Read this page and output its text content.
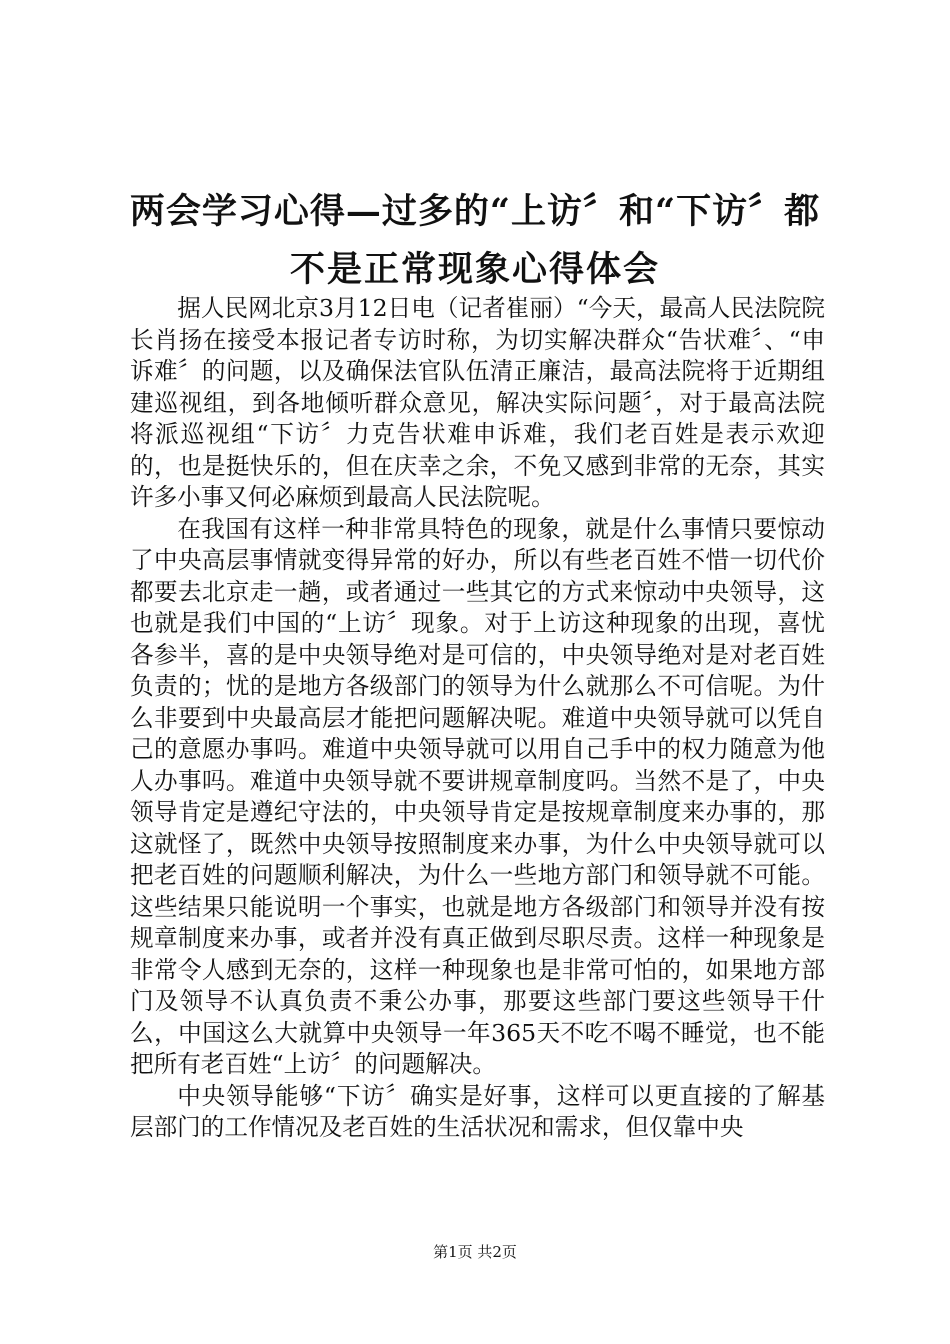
两会学习心得—过多的“上访〞和“下访〞都
不是正常现象心得体会

据人民网北京3月12日电（记者崔丽）“今天，最高人民法院院长肖扬在接受本报记者专访时称，为切实解决群众“告状难〞、“申诉难〞的问题，以及确保法官队伍清正廉洁，最高法院将于近期组建巡视组，到各地倾听群众意见，解决实际问题〞，对于最高法院将派巡视组“下访〞力克告状难申诉难，我们老百姓是表示欢迎的，也是挺快乐的，但在庆幸之余，不免又感到非常的无奈，其实许多小事又何必麻烦到最高人民法院呢。

在我国有这样一种非常具特色的现象，就是什么事情只要惊动了中央高层事情就变得异常的好办，所以有些老百姓不惜一切代价都要去北京走一趟，或者通过一些其它的方式来惊动中央领导，这也就是我们中国的“上访〞现象。对于上访这种现象的出现，喜忧各参半，喜的是中央领导绝对是可信的，中央领导绝对是对老百姓负责的；忧的是地方各级部门的领导为什么就那么不可信呢。为什么非要到中央最高层才能把问题解决呢。难道中央领导就可以凭自己的意愿办事吗。难道中央领导就可以用自己手中的权力随意为他人办事吗。难道中央领导就不要讲规章制度吗。当然不是了，中央领导肯定是遵纪守法的，中央领导肯定是按规章制度来办事的，那这就怪了，既然中央领导按照制度来办事，为什么中央领导就可以把老百姓的问题顺利解决，为什么一些地方部门和领导就不可能。这些结果只能说明一个事实，也就是地方各级部门和领导并没有按规章制度来办事，或者并没有真正做到尽职尽责。这样一种现象是非常令人感到无奈的，这样一种现象也是非常可怕的，如果地方部门及领导不认真负责不秉公办事，那要这些部门要这些领导干什么，中国这么大就算中央领导一年365天不吃不喝不睡觉，也不能把所有老百姓“上访〞的问题解决。

中央领导能够“下访〞确实是好事，这样可以更直接的了解基层部门的工作情况及老百姓的生活状况和需求，但仅靠中央

第1页 共2页
